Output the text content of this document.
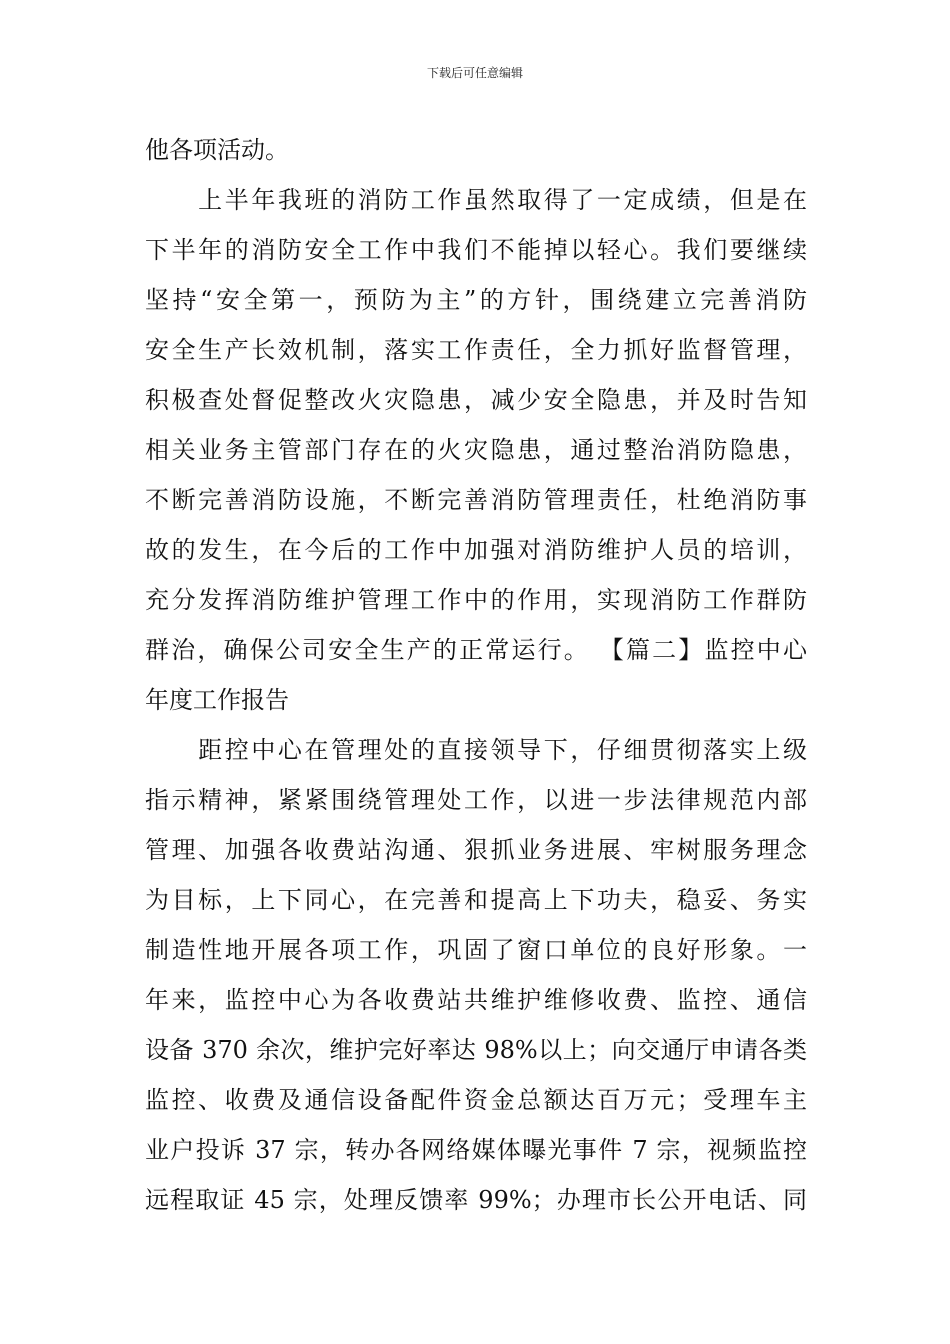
下载后可任意编辑
他各项活动。
　　上半年我班的消防工作虽然取得了一定成绩，但是在
下半年的消防安全工作中我们不能掉以轻心。我们要继续
坚持“安全第一，预防为主”的方针，围绕建立完善消防
安全生产长效机制，落实工作责任，全力抓好监督管理，
积极查处督促整改火灾隐患，减少安全隐患，并及时告知
相关业务主管部门存在的火灾隐患，通过整治消防隐患，
不断完善消防设施，不断完善消防管理责任，杜绝消防事
故的发生，在今后的工作中加强对消防维护人员的培训，
充分发挥消防维护管理工作中的作用，实现消防工作群防
群治，确保公司安全生产的正常运行。 【篇二】监控中心
年度工作报告
　　距控中心在管理处的直接领导下，仔细贯彻落实上级
指示精神，紧紧围绕管理处工作，以进一步法律规范内部
管理、加强各收费站沟通、狠抓业务进展、牢树服务理念
为目标，上下同心，在完善和提高上下功夫，稳妥、务实
制造性地开展各项工作，巩固了窗口单位的良好形象。一
年来，监控中心为各收费站共维护维修收费、监控、通信
设备 370 余次，维护完好率达 98%以上；向交通厅申请各类
监控、收费及通信设备配件资金总额达百万元；受理车主
业户投诉 37 宗，转办各网络媒体曝光事件 7 宗，视频监控
远程取证 45 宗，处理反馈率 99%；办理市长公开电话、同
